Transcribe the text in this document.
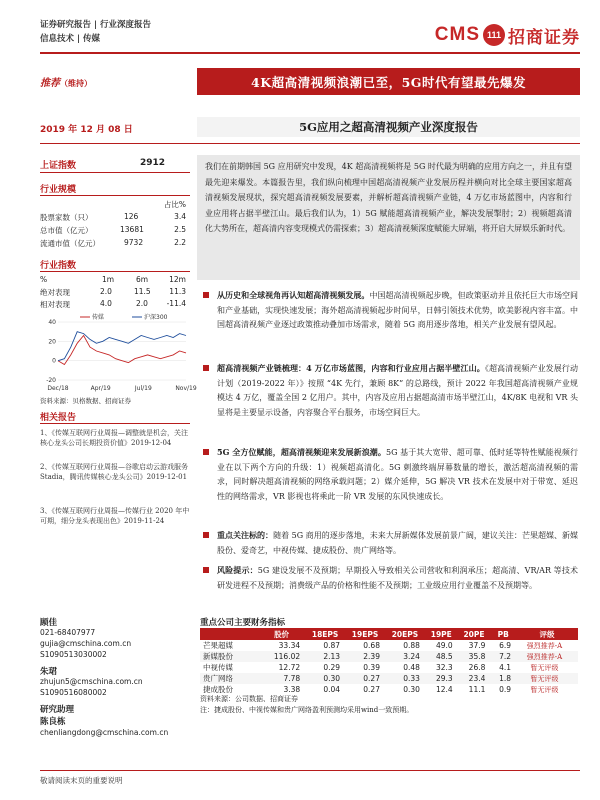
证券研究报告 | 行业深度报告
信息技术 | 传媒	CMS 111 招商证券
推荐（维持）	4K超高清视频浪潮已至，5G时代有望最先爆发
2019 年 12 月 08 日	5G应用之超高清视频产业深度报告
上证指数	2912
行业规模
占比%
股票家数（只）	126	3.4
总市值（亿元）	13681	2.5
流通市值（亿元）	9732	2.2
行业指数
%	1m	6m	12m
绝对表现	2.0	11.5 11.3
相对表现	4.0	2.0 -11.4
40
20
0
-20
Dec/18	Apr/19	Jul/19	Nov/19
传媒	沪深300
资料来源：贝格数据、招商证券
相关报告
1、《传媒互联网行业周报—调整就是机会，关注核心龙头公司长期投资价值》2019-12-04
2、《传媒互联网行业周报—谷歌启动云游戏服务 Stadia，腾讯传媒核心龙头公司》2019-12-01
3、《传媒互联网行业周报—传媒行业 2020 年中可期，细分龙头表现出色》2019-11-24
顾佳
021-68407977
gujia@cmschina.com.cn
S1090513030002
朱珺
zhujun5@cmschina.com.cn
S1090516080002
研究助理
陈良栋
chenliangdong@cmschina.com.cn
我们在前期韩国 5G 应用研究中发现，4K 超高清视频将是 5G 时代最为明确的应用方向之一，并且有望最先迎来爆发。本篇报告里，我们纵向梳理中国超高清视频产业发展历程并横向对比全球主要国家超高清视频发展现状，探究超高清视频发展要素，并解析超高清视频产业链，4 万亿市场蓝图中，内容和行业应用将占据半壁江山。最后我们认为，1）5G 赋能超高清视频产业，解决发展掣肘；2）视频超高清化大势所在，超高清内容变现模式仍需探索；3）超高清视频深度赋能大屏端，将开启大屏娱乐新时代。
从历史和全球视角再认知超高清视频发展。中国超高清视频起步晚，但政策驱动并且依托巨大市场空间和产业基础，实现快速发展；海外超高清视频起步时间早，日韩引领技术优势，欧美影视内容丰富。中国超高清视频产业逐过政策推动叠加市场需求，随着 5G 商用逐步落地，相关产业发展有望风起。
超高清视频产业链梳理：4 万亿市场蓝图，内容和行业应用占据半壁江山。《超高清视频产业发展行动计划（2019-2022 年）》按照 “4K 先行，兼顾 8K” 的总路线，预计 2022 年我国超高清视频产业规模达 4 万亿，覆盖全国 2 亿用户。其中，内容及应用占据超高清市场半壁江山，4K/8K 电视和 VR 头显将是主要显示设备，内容聚合平台服务，市场空间巨大。
5G 全方位赋能，超高清视频迎来发展新浪潮。5G 基于其大宽带、超可靠、低时延等特性赋能视频行业在以下两个方向的升级：1）视频超高清化。5G 刺激终端屏幕数量的增长，激活超高清视频的需求，同时解决超高清视频的网络承载问题；2）媒介延伸，5G 解决 VR 技术在发展中对于带宽、延迟性的网络需求，VR 影视也将乘此一阶 VR 发展的东风快速成长。
重点关注标的：随着 5G 商用的逐步落地，未来大屏新媒体发展前景广阔，建议关注：芒果超媒、新媒股份、爱奇艺，中视传媒、捷成股份、贵广网络等。
风险提示：5G 建设发展不及预期；早期投入导致相关公司营收和利润承压；超高清、VR/AR 等技术研发进程不及预期；消费级产品的价格和性能不及预期；工业级应用行业覆盖不及预期等。
重点公司主要财务指标
	股价	18EPS	19EPS	20EPS	19PE	20PE	PB	评级
芒果超媒	33.34	0.87	0.68	0.88	49.0	37.9	6.9	强烈推荐-A
新媒股份	116.02	2.13	2.39	3.24	48.5	35.8	7.2	强烈推荐-A
中视传媒	12.72	0.29	0.39	0.48	32.3	26.8	4.1	暂无评级
贵广网络	7.78	0.30	0.27	0.33	29.3	23.4	1.8	暂无评级
捷成股份	3.38	0.04	0.27	0.30	12.4	11.1	0.9	暂无评级
资料来源：公司数据、招商证券
注：捷成股份、中视传媒和贵广网络盈利预测均采用wind一致预期。
敬请阅读末页的重要说明
